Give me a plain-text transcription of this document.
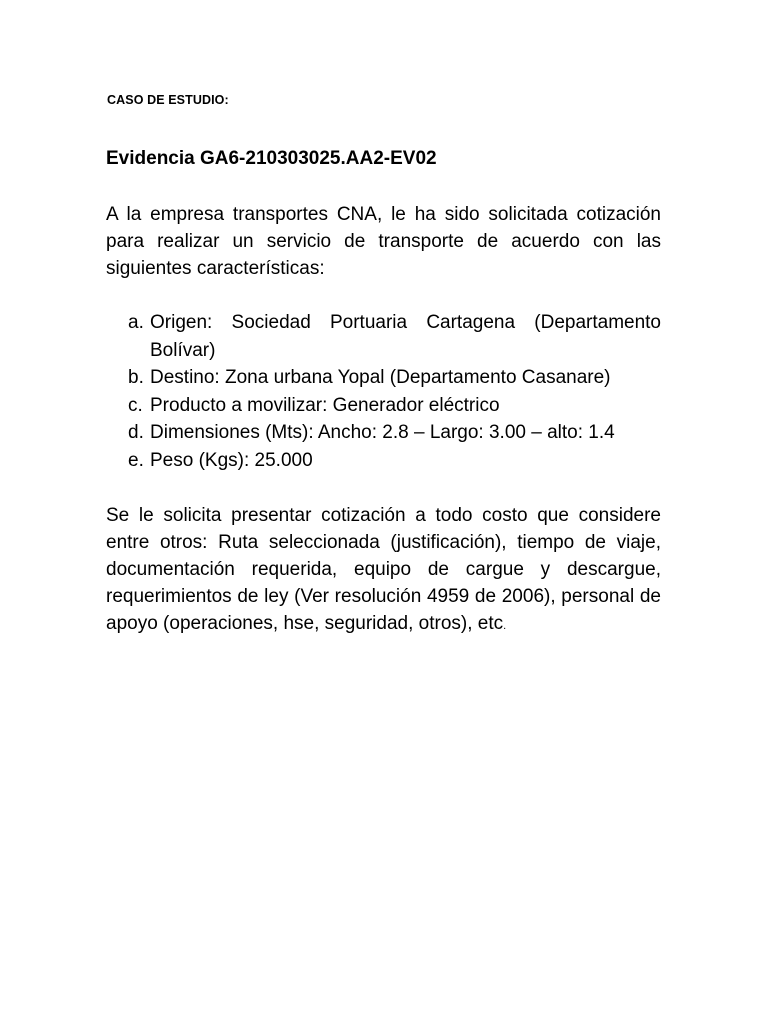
CASO DE ESTUDIO:
Evidencia GA6-210303025.AA2-EV02
A la empresa transportes CNA, le ha sido solicitada cotización para realizar un servicio de transporte de acuerdo con las siguientes características:
a. Origen: Sociedad Portuaria Cartagena (Departamento Bolívar)
b. Destino: Zona urbana Yopal (Departamento Casanare)
c. Producto a movilizar: Generador eléctrico
d. Dimensiones (Mts): Ancho: 2.8 – Largo: 3.00 – alto: 1.4
e. Peso (Kgs): 25.000
Se le solicita presentar cotización a todo costo que considere entre otros: Ruta seleccionada (justificación), tiempo de viaje, documentación requerida, equipo de cargue y descargue, requerimientos de ley (Ver resolución 4959 de 2006), personal de apoyo (operaciones, hse, seguridad, otros), etc.
